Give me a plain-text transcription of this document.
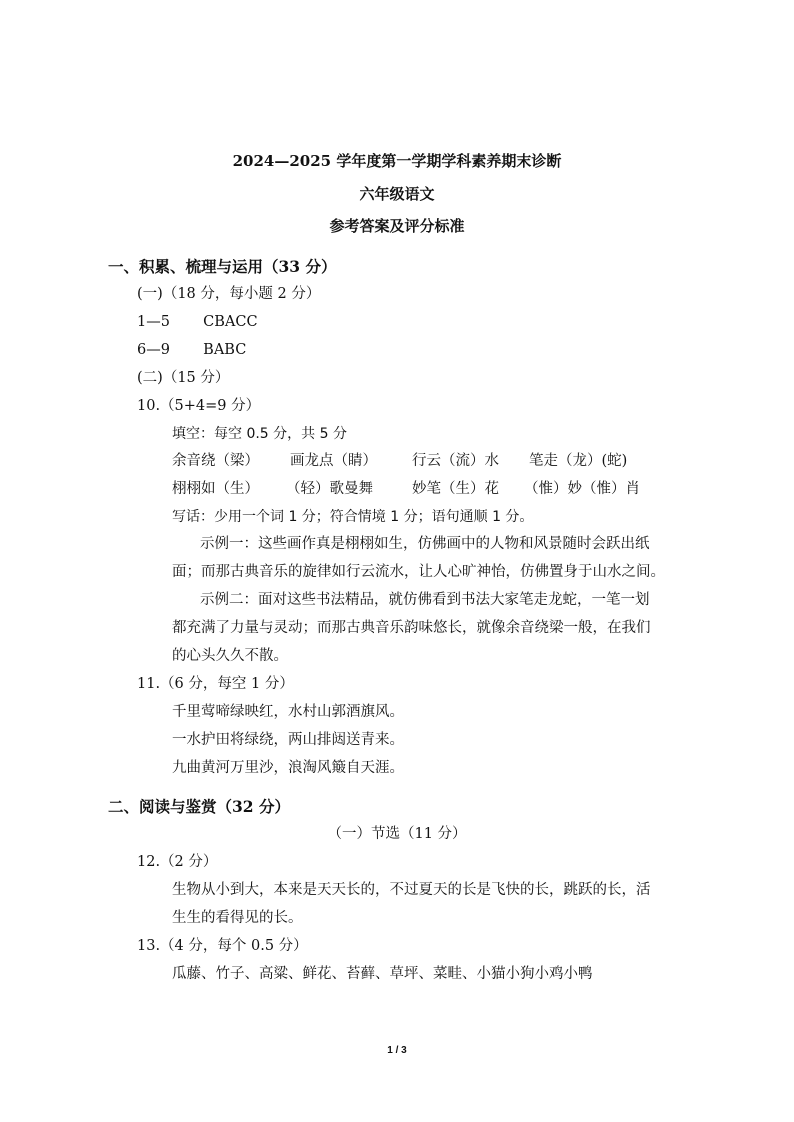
2024—2025 学年度第一学期学科素养期末诊断
六年级语文
参考答案及评分标准
一、积累、梳理与运用（33 分）
(一)（18 分，每小题 2 分）
1—5 CBACC
6—9 BABC
(二)（15 分）
10.（5+4=9 分）
填空：每空 0.5 分，共 5 分
余音绕（梁） 画龙点（睛） 行云（流）水 笔走（龙）(蛇)
栩栩如（生） （轻）歌曼舞	妙笔（生）花 （惟）妙（惟）肖
写话：少用一个词 1 分；符合情境 1 分；语句通顺 1 分。
示例一：这些画作真是栩栩如生，仿佛画中的人物和风景随时会跃出纸
面；而那古典音乐的旋律如行云流水，让人心旷神怡，仿佛置身于山水之间。
示例二：面对这些书法精品，就仿佛看到书法大家笔走龙蛇，一笔一划
都充满了力量与灵动；而那古典音乐韵味悠长，就像余音绕梁一般，在我们
的心头久久不散。
11.（6 分，每空 1 分）
千里莺啼绿映红，水村山郭酒旗风。
一水护田将绿绕，两山排闼送青来。
九曲黄河万里沙，浪淘风簸自天涯。
二、阅读与鉴赏（32 分）
（一）节选（11 分）
12.（2 分）
生物从小到大，本来是天天长的，不过夏天的长是飞快的长，跳跃的长，活
生生的看得见的长。
13.（4 分，每个 0.5 分）
瓜藤、竹子、高粱、鲜花、苔藓、草坪、菜畦、小猫小狗小鸡小鸭
1 / 3
